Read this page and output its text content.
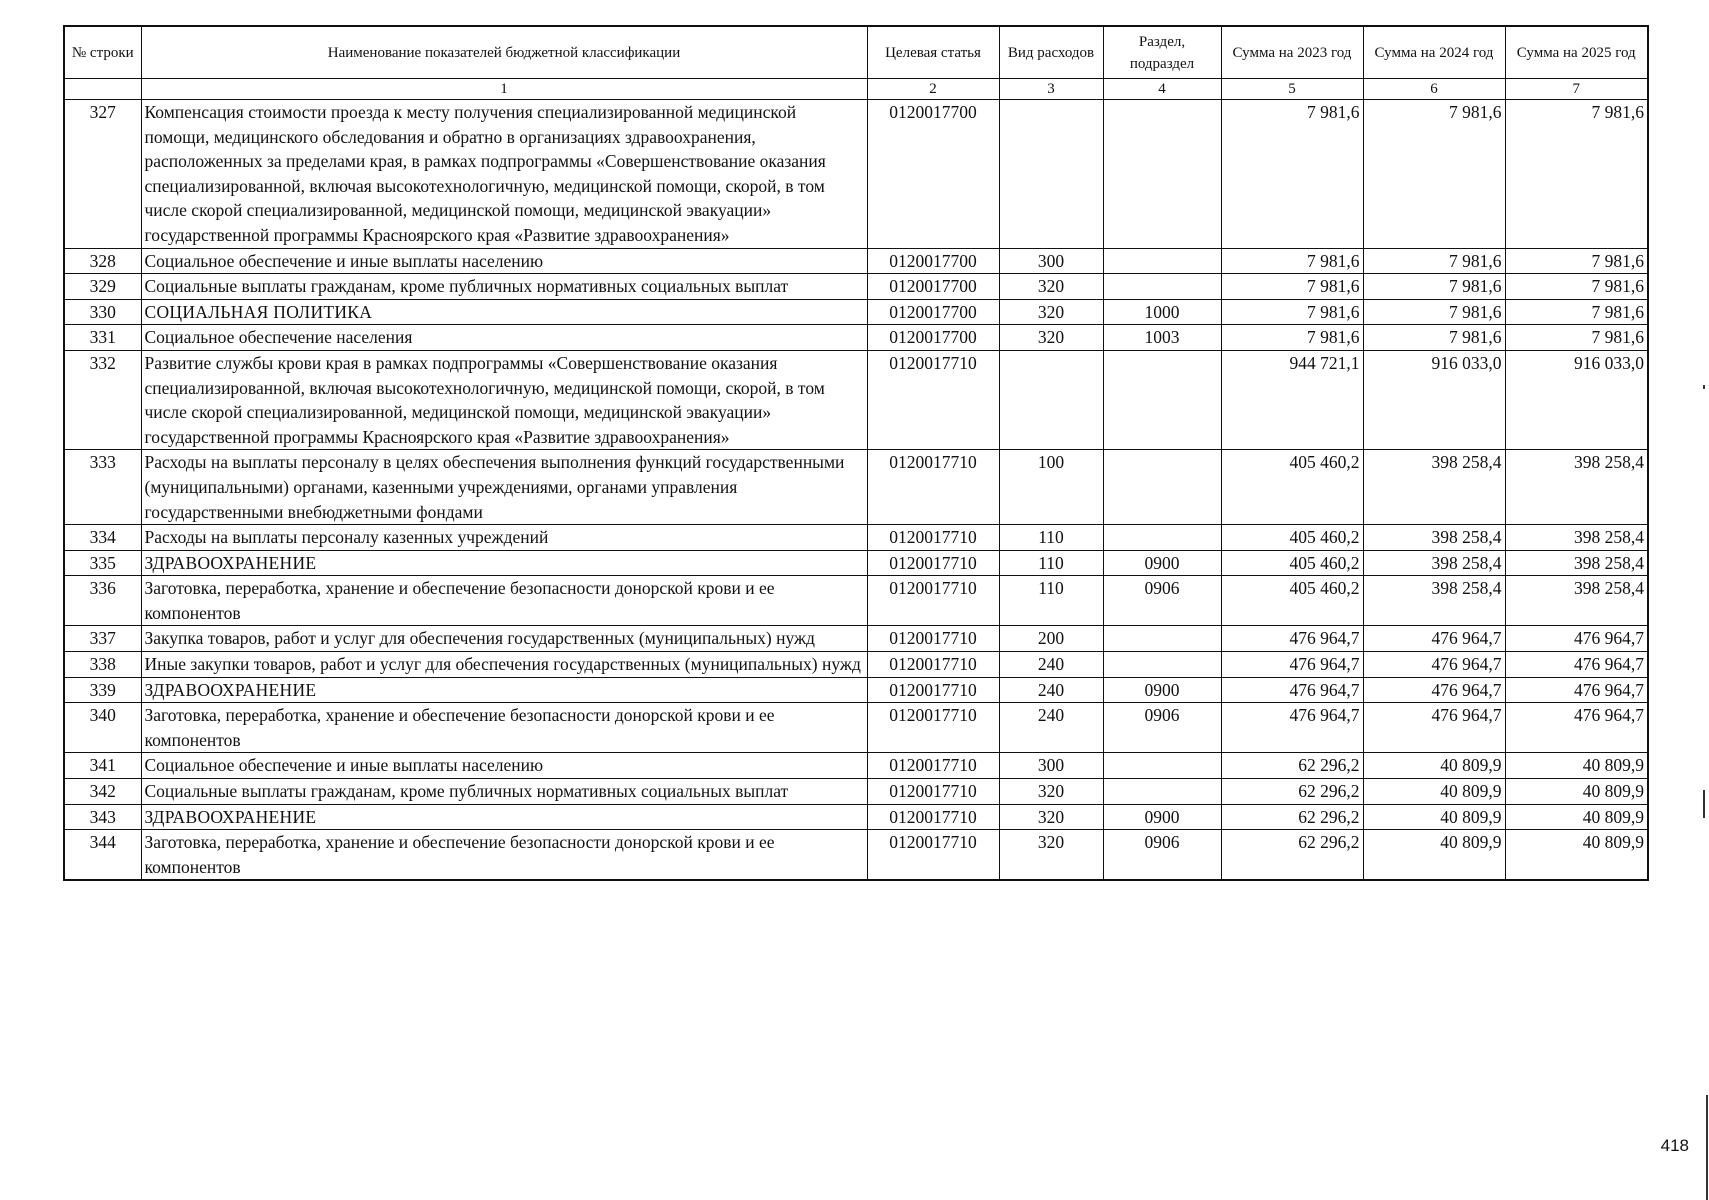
№ строки	Наименование показателей бюджетной классификации	Целевая статья	Вид расходов	Раздел, подраздел	Сумма на 2023 год	Сумма на 2024 год	Сумма на 2025 год
	1	2	3	4	5	6	7
327	Компенсация стоимости проезда к месту получения специализированной медицинской помощи, медицинского обследования и обратно в организациях здравоохранения, расположенных за пределами края, в рамках подпрограммы «Совершенствование оказания специализированной, включая высокотехнологичную, медицинской помощи, скорой, в том числе скорой специализированной, медицинской помощи, медицинской эвакуации» государственной программы Красноярского края «Развитие здравоохранения»	0120017700			7 981,6	7 981,6	7 981,6
328	Социальное обеспечение и иные выплаты населению	0120017700	300		7 981,6	7 981,6	7 981,6
329	Социальные выплаты гражданам, кроме публичных нормативных социальных выплат	0120017700	320		7 981,6	7 981,6	7 981,6
330	СОЦИАЛЬНАЯ ПОЛИТИКА	0120017700	320	1000	7 981,6	7 981,6	7 981,6
331	Социальное обеспечение населения	0120017700	320	1003	7 981,6	7 981,6	7 981,6
332	Развитие службы крови края в рамках подпрограммы «Совершенствование оказания специализированной, включая высокотехнологичную, медицинской помощи, скорой, в том числе скорой специализированной, медицинской помощи, медицинской эвакуации» государственной программы Красноярского края «Развитие здравоохранения»	0120017710			944 721,1	916 033,0	916 033,0
333	Расходы на выплаты персоналу в целях обеспечения выполнения функций государственными (муниципальными) органами, казенными учреждениями, органами управления государственными внебюджетными фондами	0120017710	100		405 460,2	398 258,4	398 258,4
334	Расходы на выплаты персоналу казенных учреждений	0120017710	110		405 460,2	398 258,4	398 258,4
335	ЗДРАВООХРАНЕНИЕ	0120017710	110	0900	405 460,2	398 258,4	398 258,4
336	Заготовка, переработка, хранение и обеспечение безопасности донорской крови и ее компонентов	0120017710	110	0906	405 460,2	398 258,4	398 258,4
337	Закупка товаров, работ и услуг для обеспечения государственных (муниципальных) нужд	0120017710	200		476 964,7	476 964,7	476 964,7
338	Иные закупки товаров, работ и услуг для обеспечения государственных (муниципальных) нужд	0120017710	240		476 964,7	476 964,7	476 964,7
339	ЗДРАВООХРАНЕНИЕ	0120017710	240	0900	476 964,7	476 964,7	476 964,7
340	Заготовка, переработка, хранение и обеспечение безопасности донорской крови и ее компонентов	0120017710	240	0906	476 964,7	476 964,7	476 964,7
341	Социальное обеспечение и иные выплаты населению	0120017710	300		62 296,2	40 809,9	40 809,9
342	Социальные выплаты гражданам, кроме публичных нормативных социальных выплат	0120017710	320		62 296,2	40 809,9	40 809,9
343	ЗДРАВООХРАНЕНИЕ	0120017710	320	0900	62 296,2	40 809,9	40 809,9
344	Заготовка, переработка, хранение и обеспечение безопасности донорской крови и ее компонентов	0120017710	320	0906	62 296,2	40 809,9	40 809,9
418
